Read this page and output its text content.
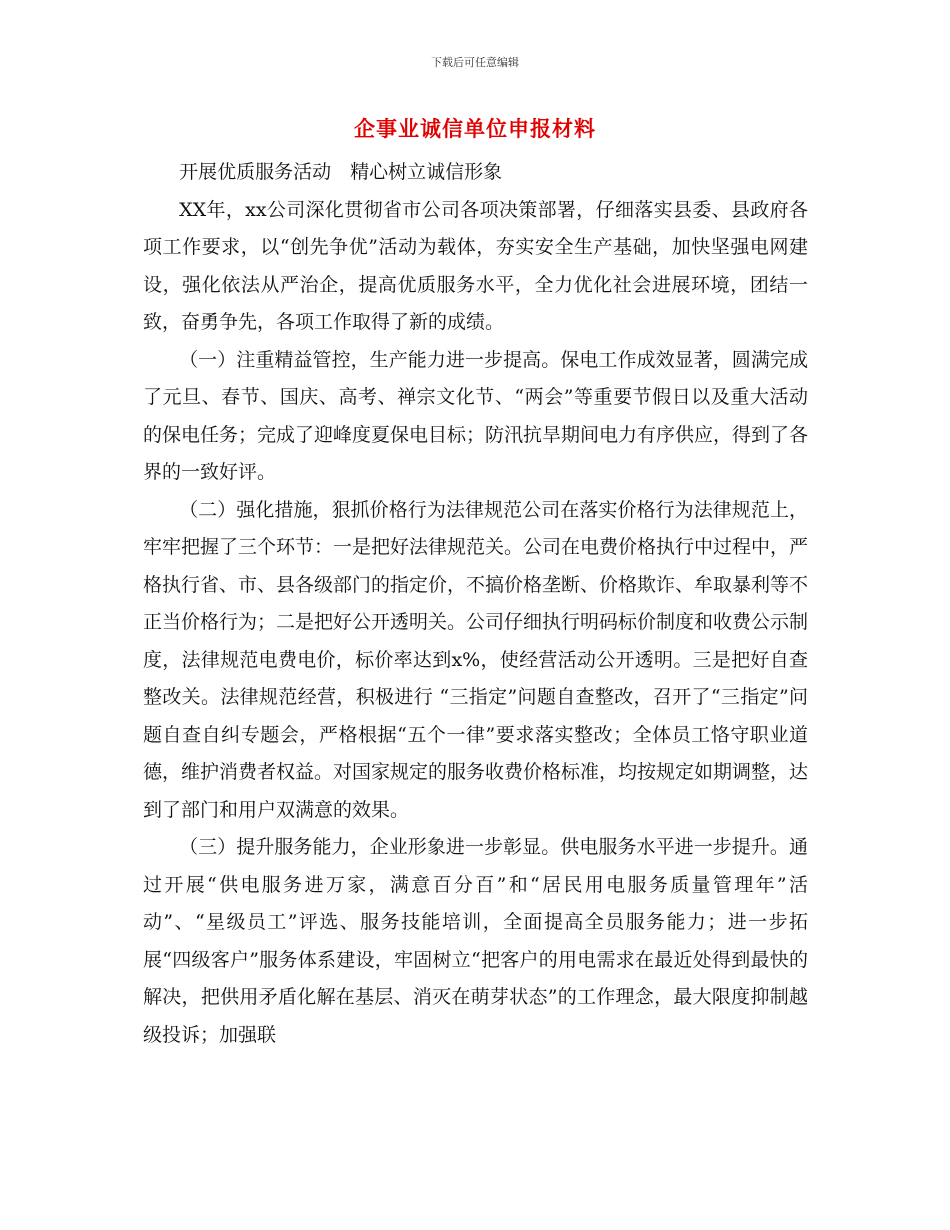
下载后可任意编辑
企事业诚信单位申报材料

开展优质服务活动　精心树立诚信形象

XX年，xx公司深化贯彻省市公司各项决策部署，仔细落实县委、县政府各项工作要求，以“创先争优”活动为载体，夯实安全生产基础，加快坚强电网建设，强化依法从严治企，提高优质服务水平，全力优化社会进展环境，团结一致，奋勇争先，各项工作取得了新的成绩。

（一）注重精益管控，生产能力进一步提高。保电工作成效显著，圆满完成了元旦、春节、国庆、高考、禅宗文化节、“两会”等重要节假日以及重大活动的保电任务；完成了迎峰度夏保电目标；防汛抗旱期间电力有序供应，得到了各界的一致好评。

（二）强化措施，狠抓价格行为法律规范公司在落实价格行为法律规范上，牢牢把握了三个环节：一是把好法律规范关。公司在电费价格执行中过程中，严格执行省、市、县各级部门的指定价，不搞价格垄断、价格欺诈、牟取暴利等不正当价格行为；二是把好公开透明关。公司仔细执行明码标价制度和收费公示制度，法律规范电费电价，标价率达到x%，使经营活动公开透明。三是把好自查整改关。法律规范经营，积极进行 “三指定”问题自查整改，召开了“三指定”问题自查自纠专题会，严格根据“五个一律”要求落实整改；全体员工恪守职业道德，维护消费者权益。对国家规定的服务收费价格标准，均按规定如期调整，达到了部门和用户双满意的效果。

（三）提升服务能力，企业形象进一步彰显。供电服务水平进一步提升。通过开展“供电服务进万家，满意百分百”和“居民用电服务质量管理年”活动”、“星级员工”评选、服务技能培训，全面提高全员服务能力；进一步拓展“四级客户”服务体系建设，牢固树立“把客户的用电需求在最近处得到最快的解决，把供用矛盾化解在基层、消灭在萌芽状态”的工作理念，最大限度抑制越级投诉；加强联
